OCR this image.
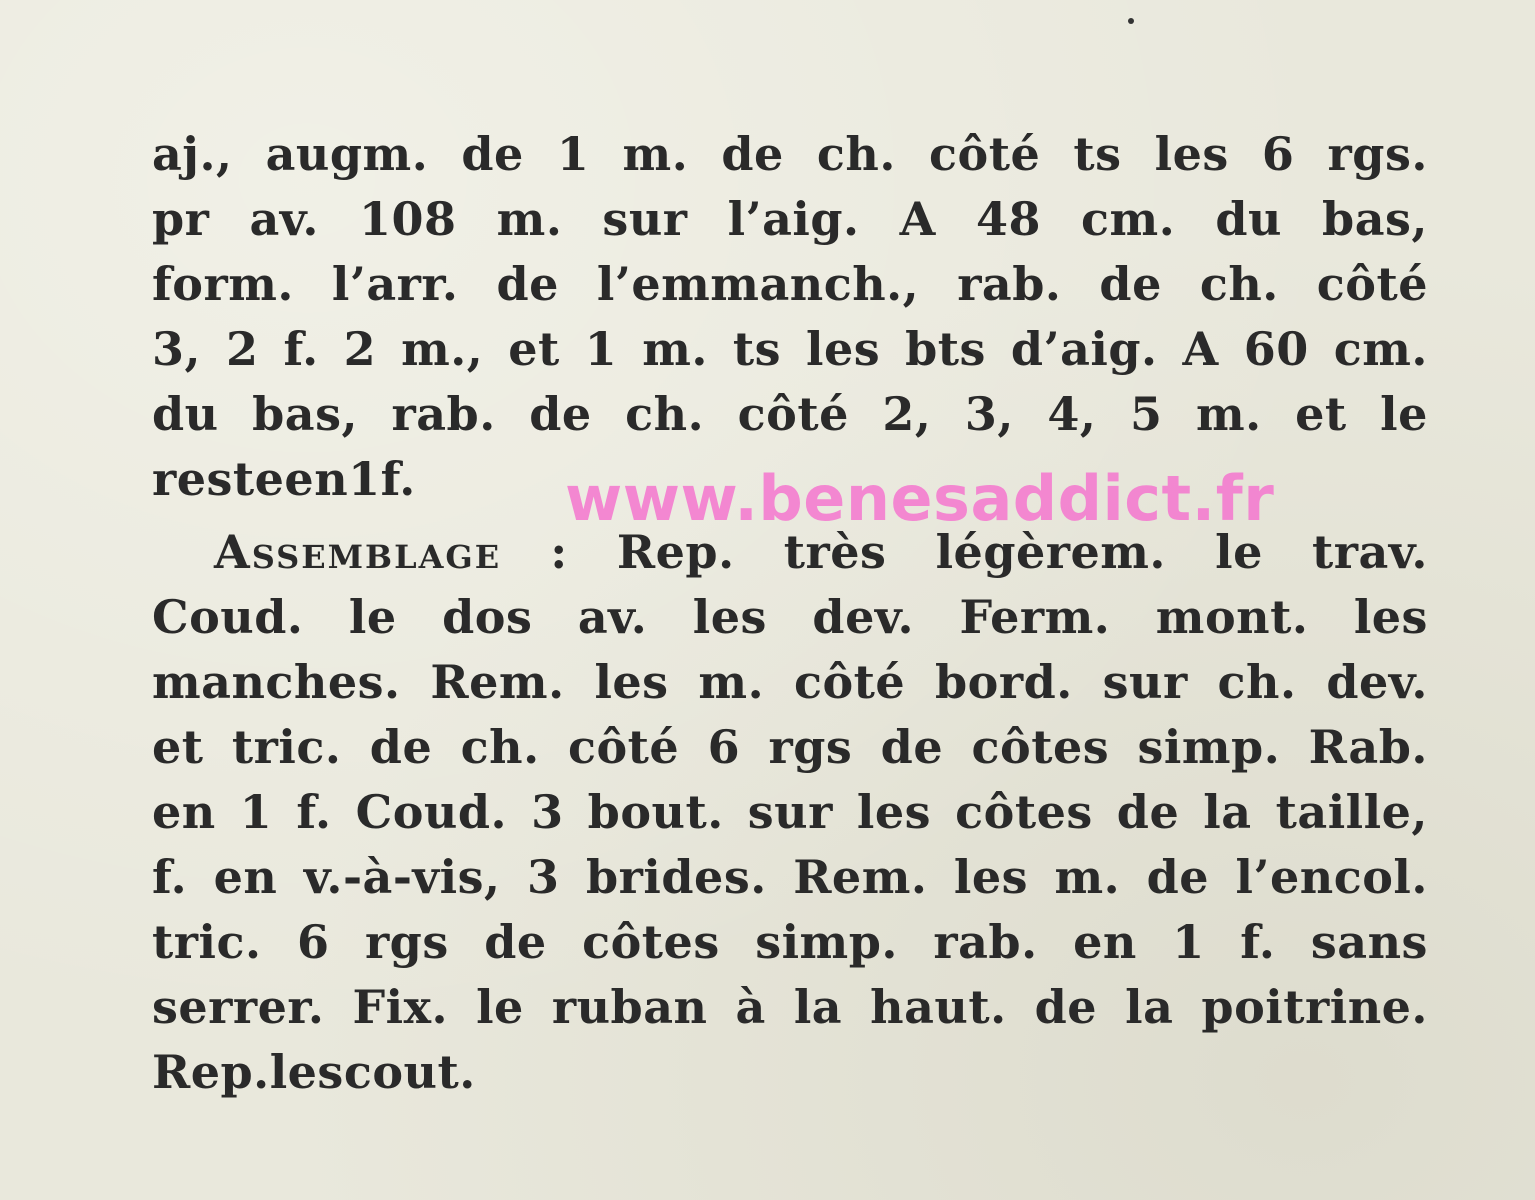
aj., augm. de 1 m. de ch. côté ts les 6 rgs.
pr av. 108 m. sur l’aig. A 48 cm. du bas,
form. l’arr. de l’emmanch., rab. de ch. côté
3, 2 f. 2 m., et 1 m. ts les bts d’aig. A 60 cm.
du bas, rab. de ch. côté 2, 3, 4, 5 m. et le
reste en 1 f.
Assemblage : Rep. très légèrem. le trav.
Coud. le dos av. les dev. Ferm. mont. les
manches. Rem. les m. côté bord. sur ch. dev.
et tric. de ch. côté 6 rgs de côtes simp. Rab.
en 1 f. Coud. 3 bout. sur les côtes de la taille,
f. en v.-à-vis, 3 brides. Rem. les m. de l’encol.
tric. 6 rgs de côtes simp. rab. en 1 f. sans
serrer. Fix. le ruban à la haut. de la poitrine.
Rep. les cout.
www.benesaddict.fr
